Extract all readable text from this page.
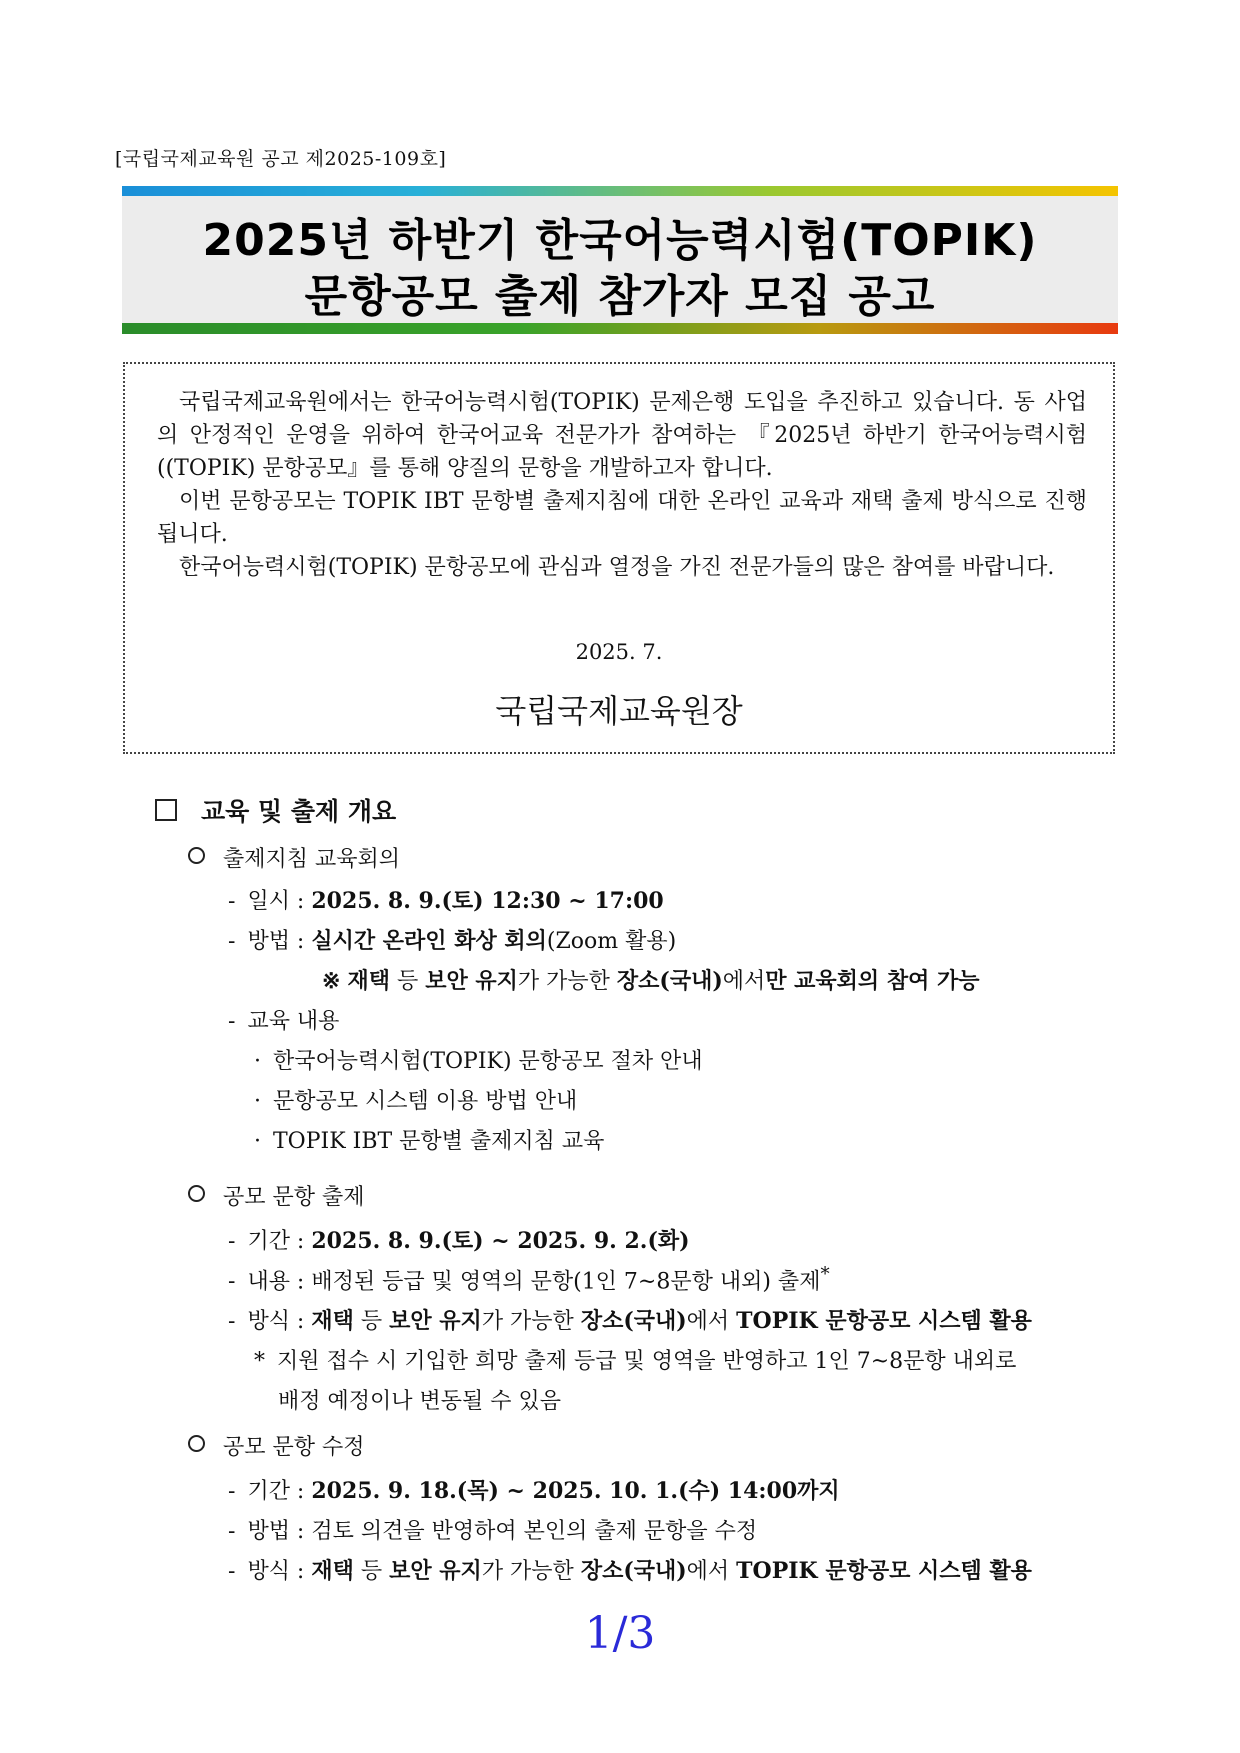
[국립국제교육원 공고 제2025-109호]
2025년 하반기 한국어능력시험(TOPIK)
문항공모 출제 참가자 모집 공고

국립국제교육원에서는 한국어능력시험(TOPIK) 문제은행 도입을 추진하고 있습니다. 동 사업의 안정적인 운영을 위하여 한국어교육 전문가가 참여하는 『2025년 하반기 한국어능력시험((TOPIK) 문항공모』를 통해 양질의 문항을 개발하고자 합니다.

이번 문항공모는 TOPIK IBT 문항별 출제지침에 대한 온라인 교육과 재택 출제 방식으로 진행됩니다.

한국어능력시험(TOPIK) 문항공모에 관심과 열정을 가진 전문가들의 많은 참여를 바랍니다.

2025. 7.
국립국제교육원장
교육 및 출제 개요
출제지침 교육회의
- 일시 : 2025. 8. 9.(토) 12:30 ~ 17:00
- 방법 : 실시간 온라인 화상 회의(Zoom 활용)
※ 재택 등 보안 유지가 가능한 장소(국내)에서만 교육회의 참여 가능
- 교육 내용
· 한국어능력시험(TOPIK) 문항공모 절차 안내
· 문항공모 시스템 이용 방법 안내
· TOPIK IBT 문항별 출제지침 교육
공모 문항 출제
- 기간 : 2025. 8. 9.(토) ~ 2025. 9. 2.(화)
- 내용 : 배정된 등급 및 영역의 문항(1인 7~8문항 내외) 출제*
- 방식 : 재택 등 보안 유지가 가능한 장소(국내)에서 TOPIK 문항공모 시스템 활용
* 지원 접수 시 기입한 희망 출제 등급 및 영역을 반영하고 1인 7~8문항 내외로
배정 예정이나 변동될 수 있음
공모 문항 수정
- 기간 : 2025. 9. 18.(목) ~ 2025. 10. 1.(수) 14:00까지
- 방법 : 검토 의견을 반영하여 본인의 출제 문항을 수정
- 방식 : 재택 등 보안 유지가 가능한 장소(국내)에서 TOPIK 문항공모 시스템 활용
1/3
